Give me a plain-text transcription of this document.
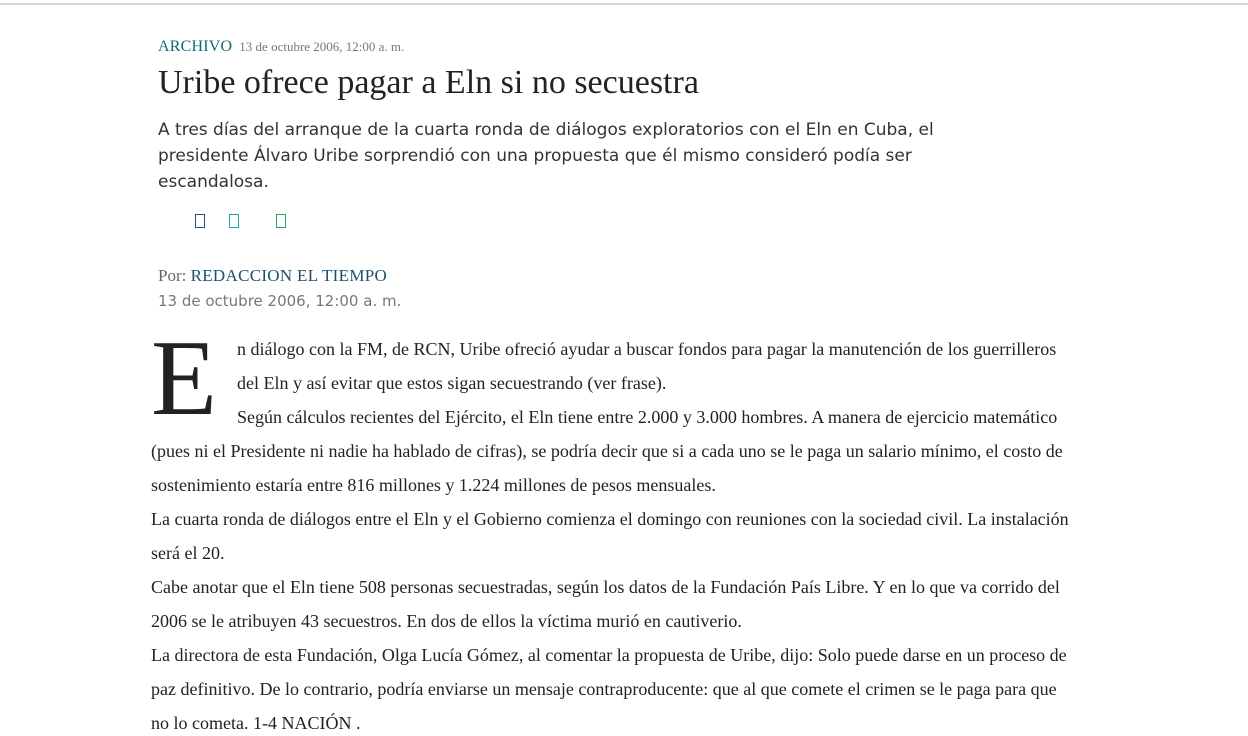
ARCHIVO 13 de octubre 2006, 12:00 a. m.
Uribe ofrece pagar a Eln si no secuestra

A tres días del arranque de la cuarta ronda de diálogos exploratorios con el Eln en Cuba, el presidente Álvaro Uribe sorprendió con una propuesta que él mismo consideró podía ser escandalosa.

Por: REDACCION EL TIEMPO
13 de octubre 2006, 12:00 a. m.
E	n diálogo con la FM, de RCN, Uribe ofreció ayudar a buscar fondos para pagar la manutención de los guerrilleros del Eln y así evitar que estos sigan secuestrando (ver frase).

Según cálculos recientes del Ejército, el Eln tiene entre 2.000 y 3.000 hombres. A manera de ejercicio matemático (pues ni el Presidente ni nadie ha hablado de cifras), se podría decir que si a cada uno se le paga un salario mínimo, el costo de sostenimiento estaría entre 816 millones y 1.224 millones de pesos mensuales.

La cuarta ronda de diálogos entre el Eln y el Gobierno comienza el domingo con reuniones con la sociedad civil. La instalación será el 20.

Cabe anotar que el Eln tiene 508 personas secuestradas, según los datos de la Fundación País Libre. Y en lo que va corrido del 2006 se le atribuyen 43 secuestros. En dos de ellos la víctima murió en cautiverio.

La directora de esta Fundación, Olga Lucía Gómez, al comentar la propuesta de Uribe, dijo: Solo puede darse en un proceso de paz definitivo. De lo contrario, podría enviarse un mensaje contraproducente: que al que comete el crimen se le paga para que no lo cometa. 1-4 NACIÓN .
